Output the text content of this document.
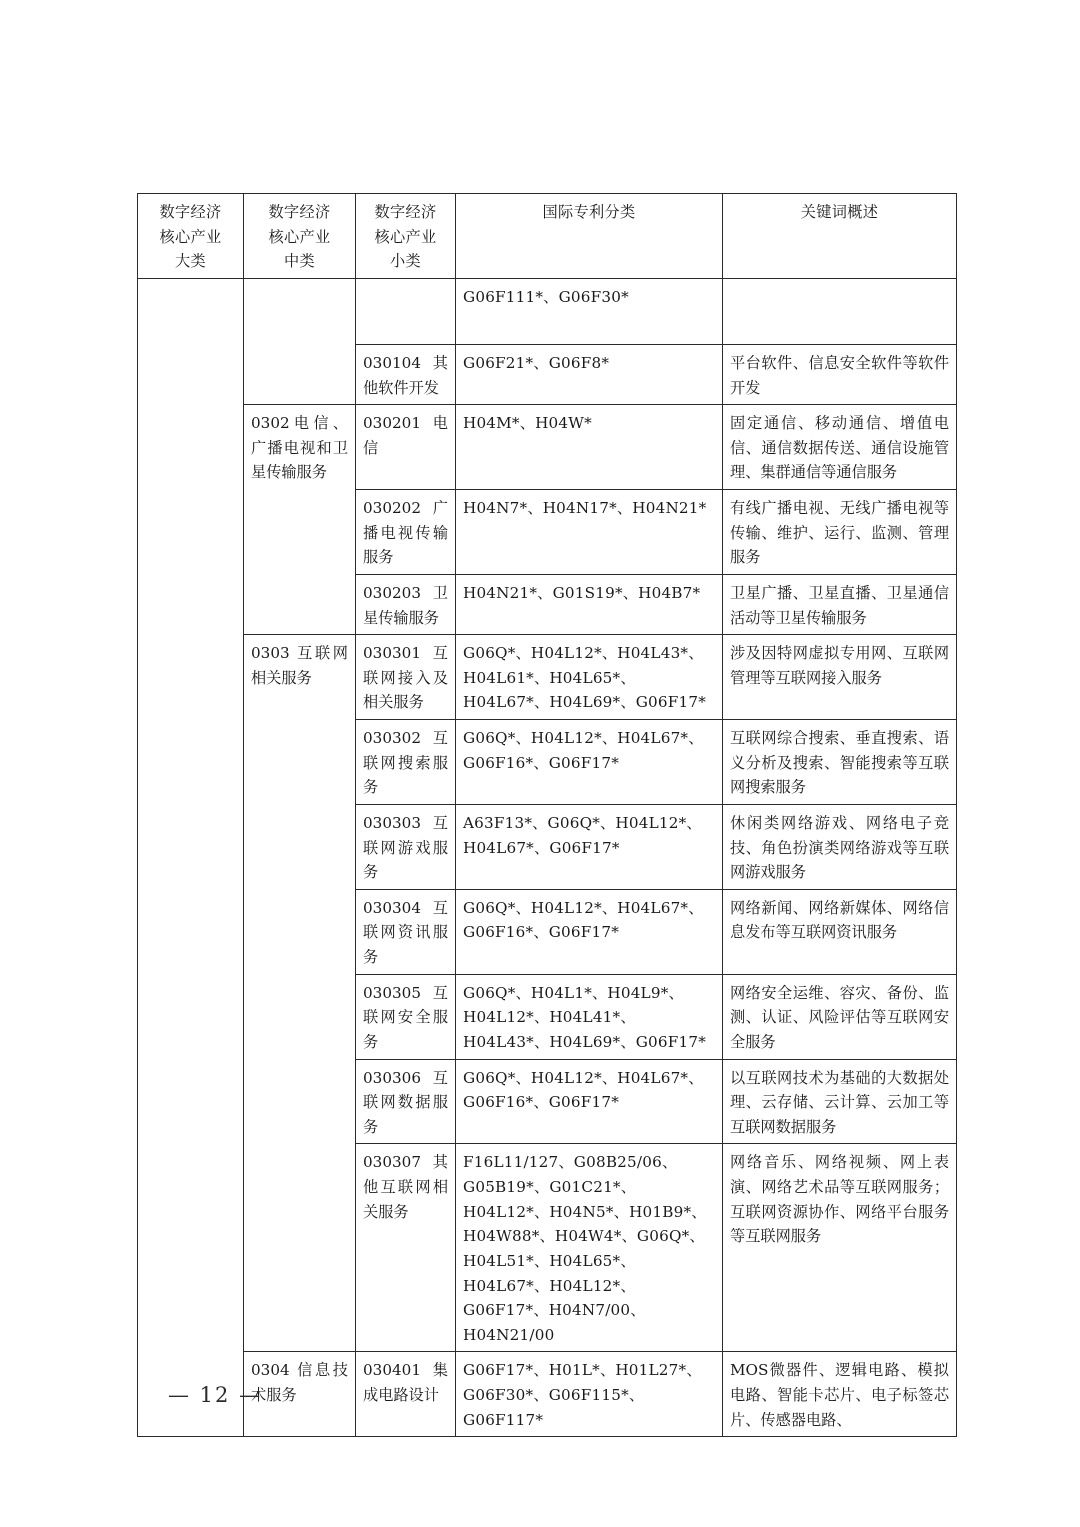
数字经济
核心产业
大类	数字经济
核心产业
中类	数字经济
核心产业
小类	国际专利分类	关键词概述
			G06F111*、G06F30*	
		030104 其他软件开发	G06F21*、G06F8*	平台软件、信息安全软件等软件开发
	0302电信、广播电视和卫星传输服务	030201 电信	H04M*、H04W*	固定通信、移动通信、增值电信、通信数据传送、通信设施管理、集群通信等通信服务
		030202 广播电视传输服务	H04N7*、H04N17*、H04N21*	有线广播电视、无线广播电视等传输、维护、运行、监测、管理服务
		030203 卫星传输服务	H04N21*、G01S19*、H04B7*	卫星广播、卫星直播、卫星通信活动等卫星传输服务
	0303 互联网相关服务	030301 互联网接入及相关服务	G06Q*、H04L12*、H04L43*、H04L61*、H04L65*、H04L67*、H04L69*、G06F17*	涉及因特网虚拟专用网、互联网管理等互联网接入服务
		030302 互联网搜索服务	G06Q*、H04L12*、H04L67*、G06F16*、G06F17*	互联网综合搜索、垂直搜索、语义分析及搜索、智能搜索等互联网搜索服务
		030303 互联网游戏服务	A63F13*、G06Q*、H04L12*、H04L67*、G06F17*	休闲类网络游戏、网络电子竞技、角色扮演类网络游戏等互联网游戏服务
		030304 互联网资讯服务	G06Q*、H04L12*、H04L67*、G06F16*、G06F17*	网络新闻、网络新媒体、网络信息发布等互联网资讯服务
		030305 互联网安全服务	G06Q*、H04L1*、H04L9*、H04L12*、H04L41*、H04L43*、H04L69*、G06F17*	网络安全运维、容灾、备份、监测、认证、风险评估等互联网安全服务
		030306 互联网数据服务	G06Q*、H04L12*、H04L67*、G06F16*、G06F17*	以互联网技术为基础的大数据处理、云存储、云计算、云加工等互联网数据服务
		030307 其他互联网相关服务	F16L11/127、G08B25/06、G05B19*、G01C21*、H04L12*、H04N5*、H01B9*、H04W88*、H04W4*、G06Q*、H04L51*、H04L65*、H04L67*、H04L12*、G06F17*、H04N7/00、H04N21/00	网络音乐、网络视频、网上表演、网络艺术品等互联网服务；互联网资源协作、网络平台服务等互联网服务
	0304 信息技术服务	030401 集成电路设计	G06F17*、H01L*、H01L27*、G06F30*、G06F115*、G06F117*	MOS微器件、逻辑电路、模拟电路、智能卡芯片、电子标签芯片、传感器电路、
— 12 —
